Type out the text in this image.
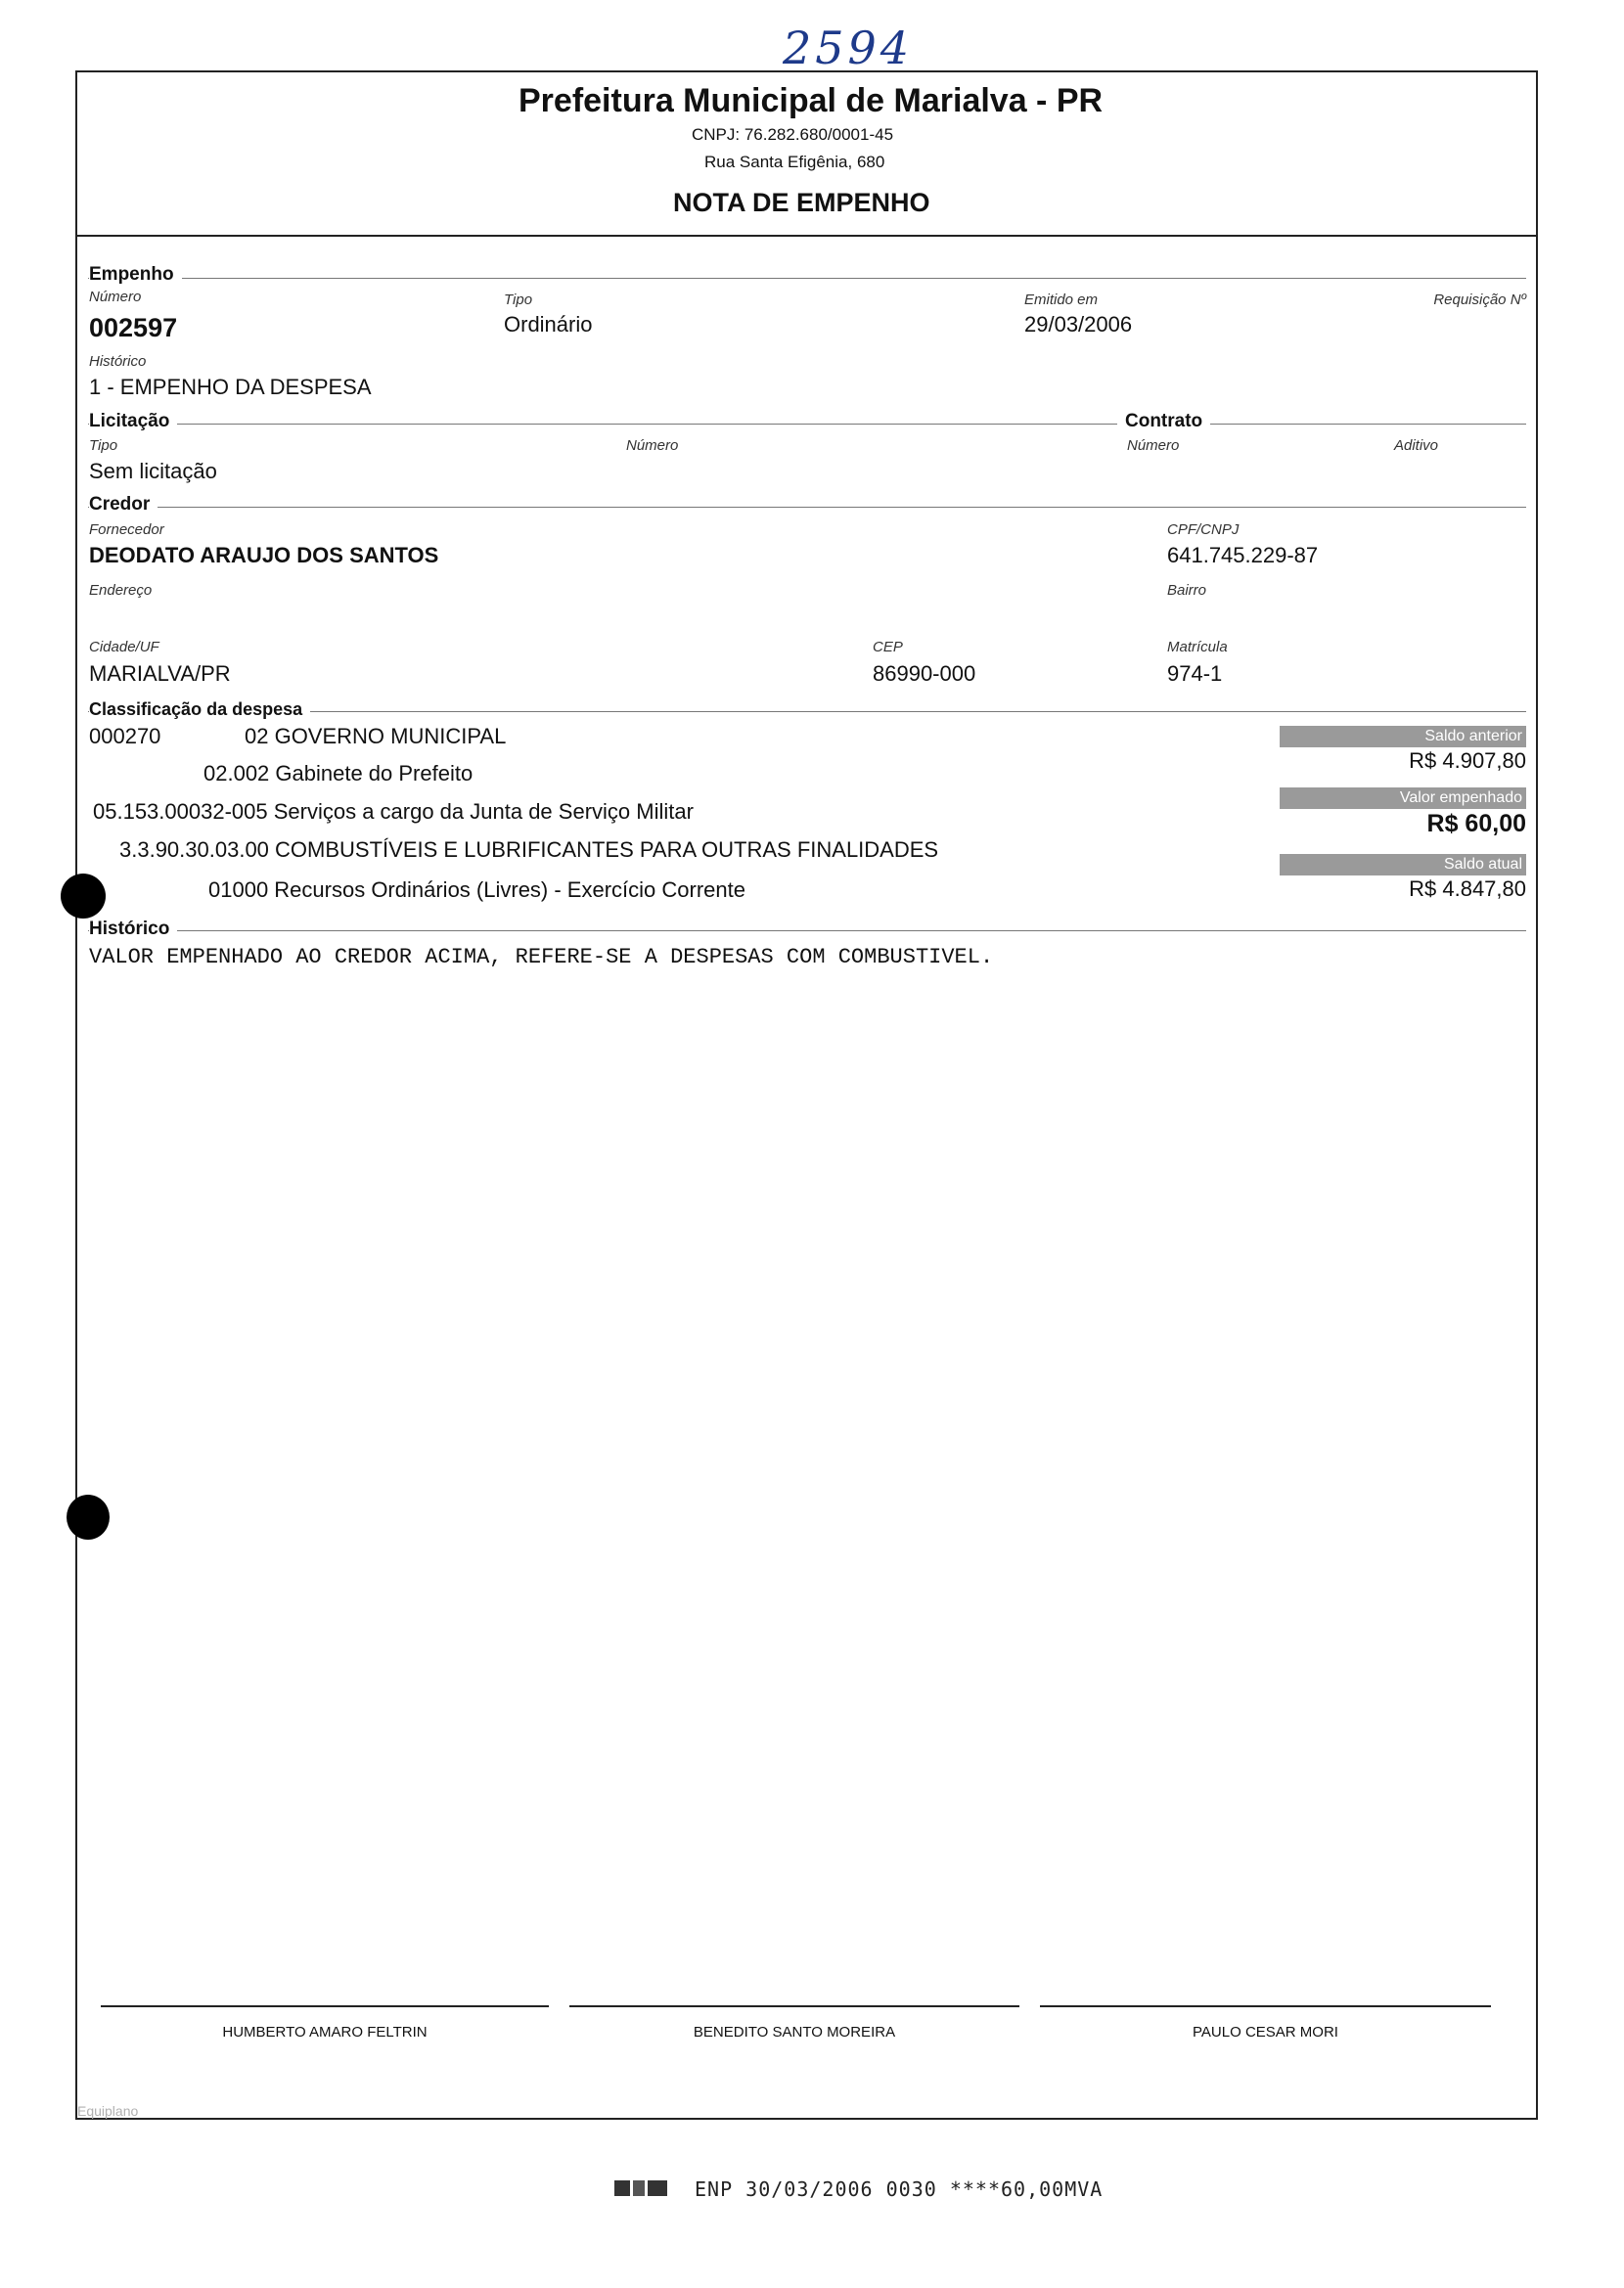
2594
Prefeitura Municipal de Marialva - PR
CNPJ: 76.282.680/0001-45
Rua Santa Efigênia, 680
NOTA DE EMPENHO
Empenho
Número
002597
Tipo
Ordinário
Emitido em
29/03/2006
Requisição Nº
Histórico
1 - EMPENHO DA DESPESA
Licitação	Contrato
Tipo
Sem licitação
Número	Número	Aditivo
Credor
Fornecedor
DEODATO ARAUJO DOS SANTOS
CPF/CNPJ
641.745.229-87
Endereço	Bairro
Cidade/UF
MARIALVA/PR
CEP
86990-000
Matrícula
974-1
Classificação da despesa
000270	02 GOVERNO MUNICIPAL
02.002 Gabinete do Prefeito
05.153.00032-005 Serviços a cargo da Junta de Serviço Militar
3.3.90.30.03.00 COMBUSTÍVEIS E LUBRIFICANTES PARA OUTRAS FINALIDADES
01000 Recursos Ordinários (Livres) - Exercício Corrente
Saldo anterior
R$ 4.907,80
Valor empenhado
R$ 60,00
Saldo atual
R$ 4.847,80
Histórico
VALOR EMPENHADO AO CREDOR ACIMA, REFERE-SE A DESPESAS COM COMBUSTIVEL.
HUMBERTO AMARO FELTRIN	BENEDITO SANTO MOREIRA	PAULO CESAR MORI
Equiplano
ENP 30/03/2006 0030 ****60,00MVA
